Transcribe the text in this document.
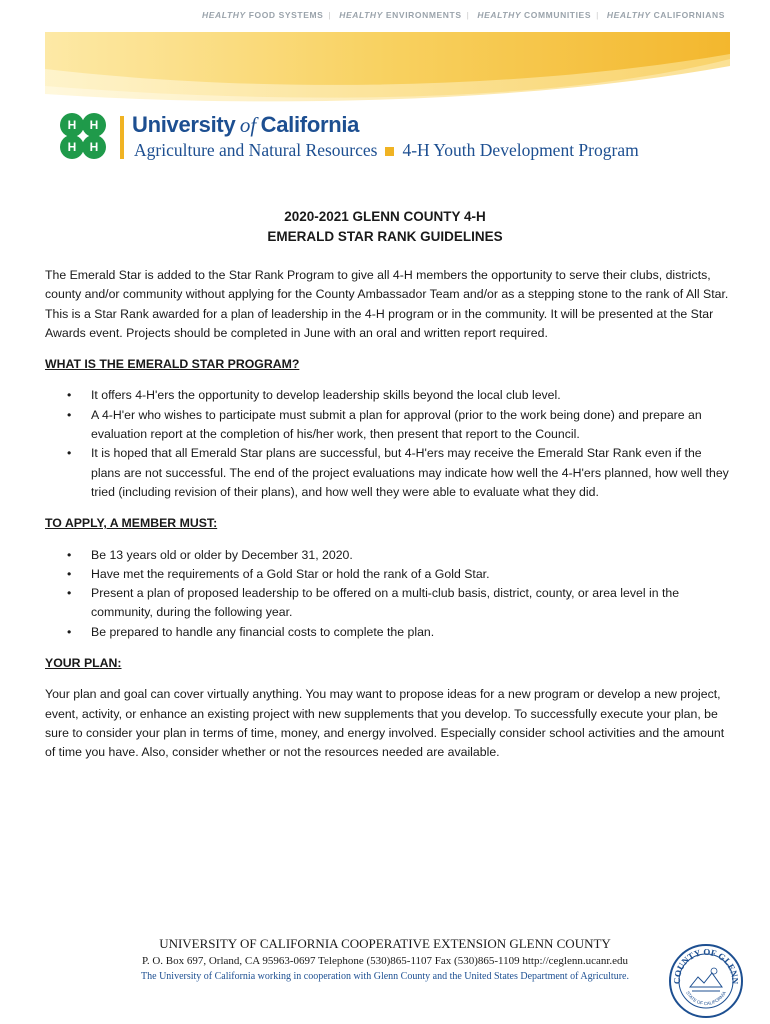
HEALTHY FOOD SYSTEMS | HEALTHY ENVIRONMENTS | HEALTHY COMMUNITIES | HEALTHY CALIFORNIANS
H H
H H
University of California
Agriculture and Natural Resources 4-H Youth Development Program
2020-2021 GLENN COUNTY 4-H
EMERALD STAR RANK GUIDELINES

The Emerald Star is added to the Star Rank Program to give all 4-H members the opportunity to serve their clubs, districts, county and/or community without applying for the County Ambassador Team and/or as a stepping stone to the rank of All Star. This is a Star Rank awarded for a plan of leadership in the 4-H program or in the community. It will be presented at the Star Awards event. Projects should be completed in June with an oral and written report required.

WHAT IS THE EMERALD STAR PROGRAM?

• It offers 4-H'ers the opportunity to develop leadership skills beyond the local club level.
• A 4-H'er who wishes to participate must submit a plan for approval (prior to the work being done) and prepare an evaluation report at the completion of his/her work, then present that report to the Council.
• It is hoped that all Emerald Star plans are successful, but 4-H'ers may receive the Emerald Star Rank even if the plans are not successful. The end of the project evaluations may indicate how well the 4-H'ers planned, how well they tried (including revision of their plans), and how well they were able to evaluate what they did.

TO APPLY, A MEMBER MUST:

• Be 13 years old or older by December 31, 2020.
• Have met the requirements of a Gold Star or hold the rank of a Gold Star.
• Present a plan of proposed leadership to be offered on a multi-club basis, district, county, or area level in the community, during the following year.
• Be prepared to handle any financial costs to complete the plan.

YOUR PLAN:

Your plan and goal can cover virtually anything. You may want to propose ideas for a new program or develop a new project, event, activity, or enhance an existing project with new supplements that you develop. To successfully execute your plan, be sure to consider your plan in terms of time, money, and energy involved. Especially consider school activities and the amount of time you have. Also, consider whether or not the resources needed are available.

UNIVERSITY OF CALIFORNIA COOPERATIVE EXTENSION GLENN COUNTY
P. O. Box 697, Orland, CA 95963-0697 Telephone (530)865-1107 Fax (530)865-1109 http://ceglenn.ucanr.edu
The University of California working in cooperation with Glenn County and the United States Department of Agriculture.	COUNTY OF GLENN
STATE OF CALIFORNIA
